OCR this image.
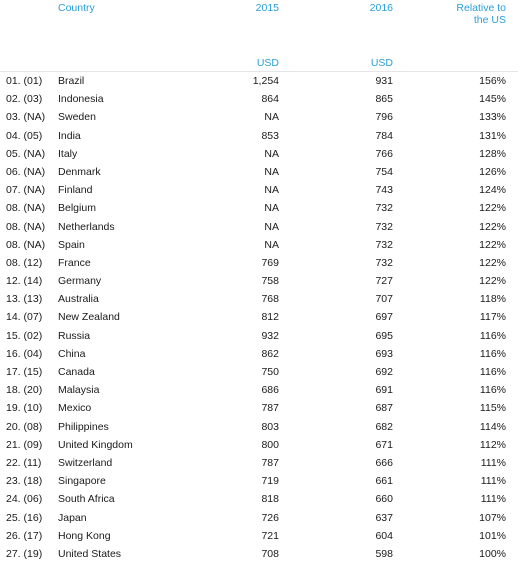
Country	2015	2016	Relative to
the US
USD	USD
01. (01) Brazil	1,254	931	156%
02. (03) Indonesia	864	865	145%
03. (NA) Sweden	NA	796	133%
04. (05) India	853	784	131%
05. (NA) Italy	NA	766	128%
06. (NA) Denmark	NA	754	126%
07. (NA) Finland	NA	743	124%
08. (NA) Belgium	NA	732	122%
08. (NA) Netherlands	NA	732	122%
08. (NA) Spain	NA	732	122%
08. (12) France	769	732	122%
12. (14) Germany	758	727	122%
13. (13) Australia	768	707	118%
14. (07) New Zealand	812	697	117%
15. (02) Russia	932	695	116%
16. (04) China	862	693	116%
17. (15) Canada	750	692	116%
18. (20) Malaysia	686	691	116%
19. (10) Mexico	787	687	115%
20. (08) Philippines	803	682	114%
21. (09) United Kingdom	800	671	112%
22. (11) Switzerland	787	666	111%
23. (18) Singapore	719	661	111%
24. (06) South Africa	818	660	111%
25. (16) Japan	726	637	107%
26. (17) Hong Kong	721	604	101%
27. (19) United States	708	598	100%
